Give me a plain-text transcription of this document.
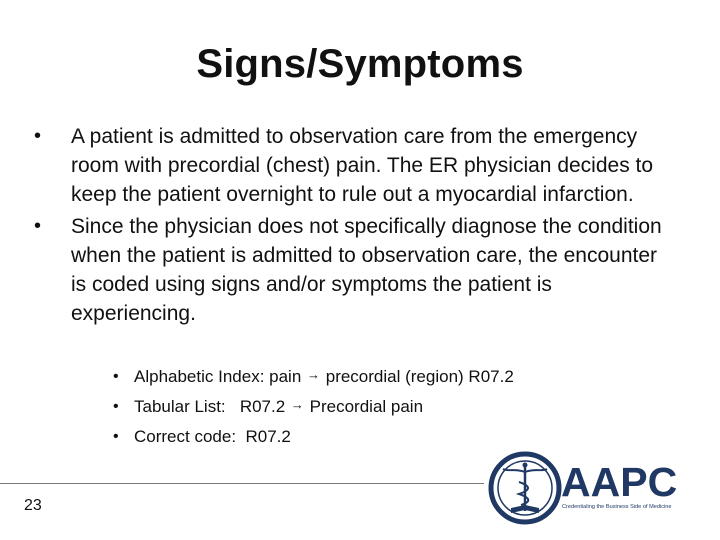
Signs/Symptoms
• A patient is admitted to observation care from the emergency room with precordial (chest) pain. The ER physician decides to keep the patient overnight to rule out a myocardial infarction.
• Since the physician does not specifically diagnose the condition when the patient is admitted to observation care, the encounter is coded using signs and/or symptoms the patient is experiencing.
• Alphabetic Index: pain → precordial (region) R07.2
• Tabular List:   R07.2 → Precordial pain
• Correct code:  R07.2
23
AAPC
Credentialing the Business Side of Medicine
